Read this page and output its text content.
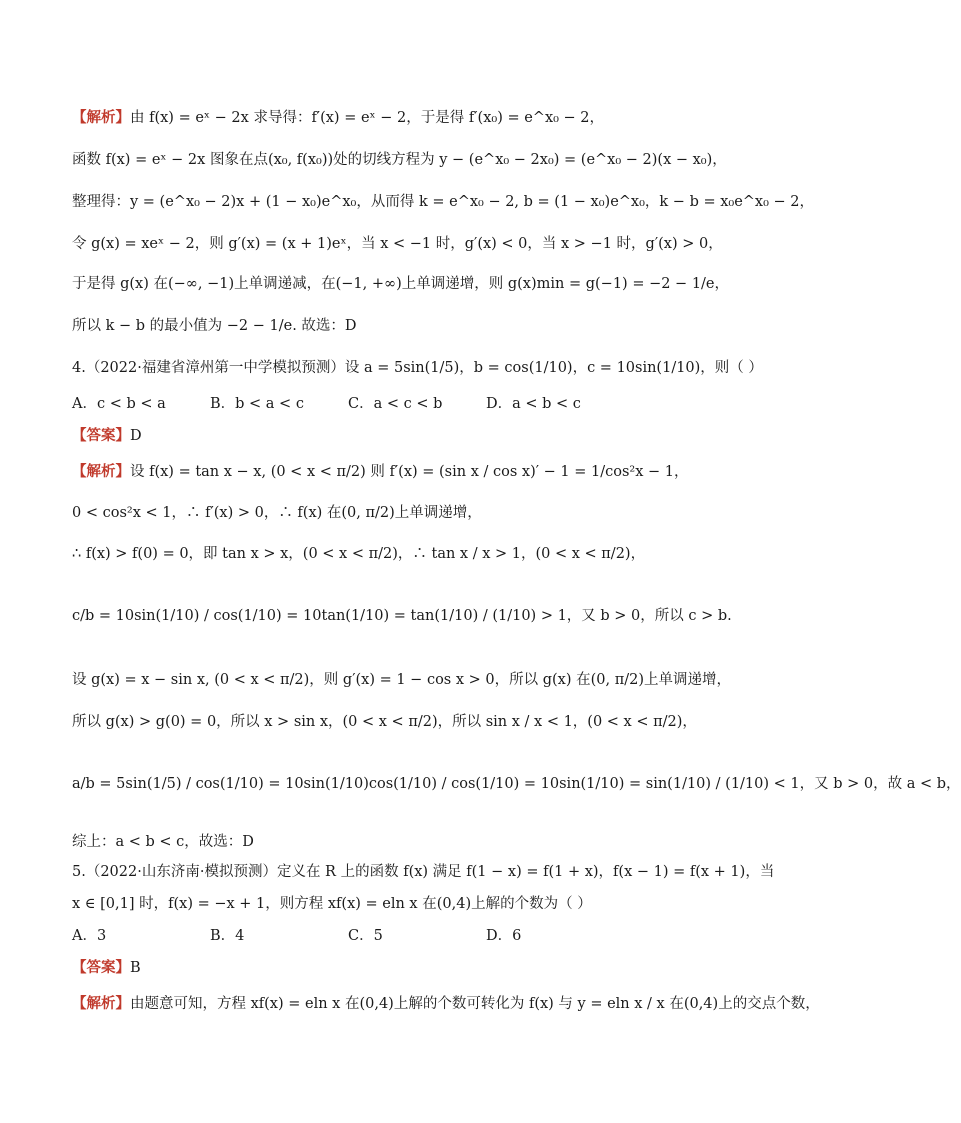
【解析】由 f(x) = eˣ − 2x 求导得：f′(x) = eˣ − 2，于是得 f′(x₀) = e^x₀ − 2，
函数 f(x) = eˣ − 2x 图象在点(x₀, f(x₀))处的切线方程为 y − (e^x₀ − 2x₀) = (e^x₀ − 2)(x − x₀)，
整理得：y = (e^x₀ − 2)x + (1 − x₀)e^x₀，从而得 k = e^x₀ − 2, b = (1 − x₀)e^x₀，k − b = x₀e^x₀ − 2，
令 g(x) = xeˣ − 2，则 g′(x) = (x + 1)eˣ，当 x < −1 时，g′(x) < 0，当 x > −1 时，g′(x) > 0，
于是得 g(x) 在(−∞, −1)上单调递减，在(−1, +∞)上单调递增，则 g(x)min = g(−1) = −2 − 1/e，
所以 k − b 的最小值为 −2 − 1/e. 故选：D
4.（2022·福建省漳州第一中学模拟预测）设 a = 5sin(1/5)，b = cos(1/10)，c = 10sin(1/10)，则（ ）
A．c < b < a	B．b < a < c	C．a < c < b	D．a < b < c
【答案】D
【解析】设 f(x) = tan x − x, (0 < x < π/2) 则 f′(x) = (sin x / cos x)′ − 1 = 1/cos²x − 1，
0 < cos²x < 1，∴ f′(x) > 0，∴ f(x) 在(0, π/2)上单调递增，
∴ f(x) > f(0) = 0，即 tan x > x，(0 < x < π/2)，∴ tan x / x > 1，(0 < x < π/2)，
c/b = 10sin(1/10) / cos(1/10) = 10tan(1/10) = tan(1/10) / (1/10) > 1，又 b > 0，所以 c > b.
设 g(x) = x − sin x, (0 < x < π/2)，则 g′(x) = 1 − cos x > 0，所以 g(x) 在(0, π/2)上单调递增，
所以 g(x) > g(0) = 0，所以 x > sin x，(0 < x < π/2)，所以 sin x / x < 1，(0 < x < π/2)，
a/b = 5sin(1/5) / cos(1/10) = 10sin(1/10)cos(1/10) / cos(1/10) = 10sin(1/10) = sin(1/10) / (1/10) < 1，又 b > 0，故 a < b，
综上：a < b < c，故选：D
5.（2022·山东济南·模拟预测）定义在 R 上的函数 f(x) 满足 f(1 − x) = f(1 + x)，f(x − 1) = f(x + 1)，当
x ∈ [0,1] 时，f(x) = −x + 1，则方程 xf(x) = eln x 在(0,4)上解的个数为（ ）
A．3	B．4	C．5	D．6
【答案】B
【解析】由题意可知，方程 xf(x) = eln x 在(0,4)上解的个数可转化为 f(x) 与 y = eln x / x 在(0,4)上的交点个数，
